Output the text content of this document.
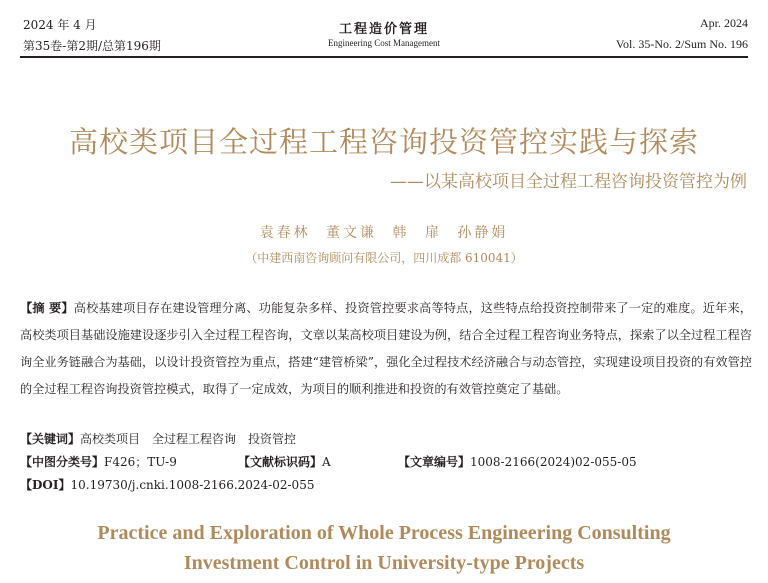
2024 年 4 月
第35卷-第2期/总第196期
工程造价管理
Engineering Cost Management
Apr. 2024
Vol. 35-No. 2/Sum No. 196
高校类项目全过程工程咨询投资管控实践与探索
——以某高校项目全过程工程咨询投资管控为例
袁春林 董文谦 韩 扉 孙静娟
（中建西南咨询顾问有限公司，四川成都 610041）
【摘 要】高校基建项目存在建设管理分离、功能复杂多样、投资管控要求高等特点，这些特点给投资控制带来了一定的难度。近年来，高校类项目基础设施建设逐步引入全过程工程咨询，文章以某高校项目建设为例，结合全过程工程咨询业务特点，探索了以全过程工程咨询全业务链融合为基础，以设计投资管控为重点，搭建“建管桥梁”，强化全过程技术经济融合与动态管控，实现建设项目投资的有效管控的全过程工程咨询投资管控模式，取得了一定成效，为项目的顺利推进和投资的有效管控奠定了基础。
【关键词】高校类项目　全过程工程咨询　投资管控
【中图分类号】F426；TU-9	【文献标识码】A	【文章编号】1008-2166(2024)02-055-05
【DOI】10.19730/j.cnki.1008-2166.2024-02-055
Practice and Exploration of Whole Process Engineering Consulting
Investment Control in University-type Projects
